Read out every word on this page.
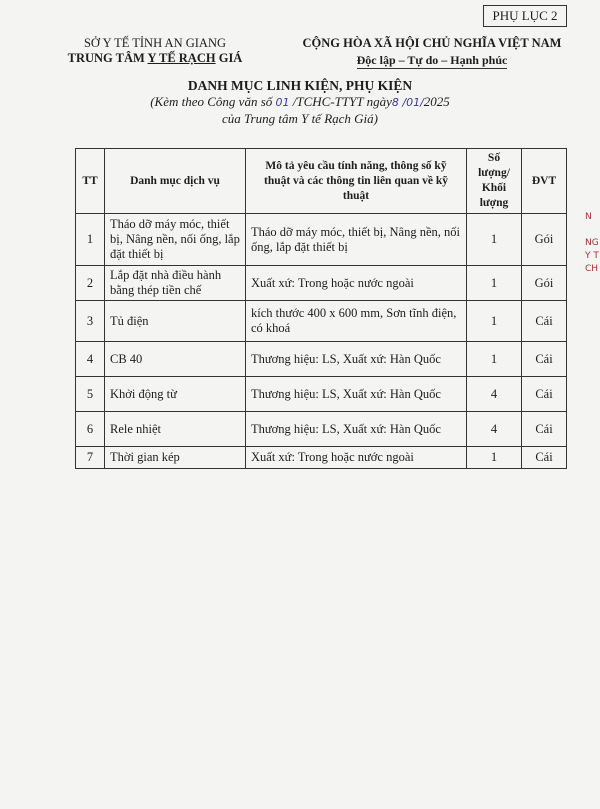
PHỤ LỤC 2
SỞ Y TẾ TỈNH AN GIANG
TRUNG TÂM Y TẾ RẠCH GIÁ
CỘNG HÒA XÃ HỘI CHỦ NGHĨA VIỆT NAM
Độc lập – Tự do – Hạnh phúc
DANH MỤC LINH KIỆN, PHỤ KIỆN
(Kèm theo Công văn số 01 /TCHC-TTYT ngày8 /01/2025
của Trung tâm Y tế Rạch Giá)
TT	Danh mục dịch vụ	Mô tả yêu cầu tính năng, thông số kỹ thuật và các thông tin liên quan về kỹ thuật	Số lượng/ Khối lượng	ĐVT
1	Tháo dỡ máy móc, thiết bị, Nâng nền, nối ống, lắp đặt thiết bị	Tháo dỡ máy móc, thiết bị, Nâng nền, nối ống, lắp đặt thiết bị	1	Gói
2	Lắp đặt nhà điều hành bằng thép tiền chế	Xuất xứ: Trong hoặc nước ngoài	1	Gói
3	Tủ điện	kích thước 400 x 600 mm, Sơn tĩnh điện, có khoá	1	Cái
4	CB 40	Thương hiệu: LS, Xuất xứ: Hàn Quốc	1	Cái
5	Khởi động từ	Thương hiệu: LS, Xuất xứ: Hàn Quốc	4	Cái
6	Rele nhiệt	Thương hiệu: LS, Xuất xứ: Hàn Quốc	4	Cái
7	Thời gian kép	Xuất xứ: Trong hoặc nước ngoài	1	Cái
N
NG
Y T
CH
